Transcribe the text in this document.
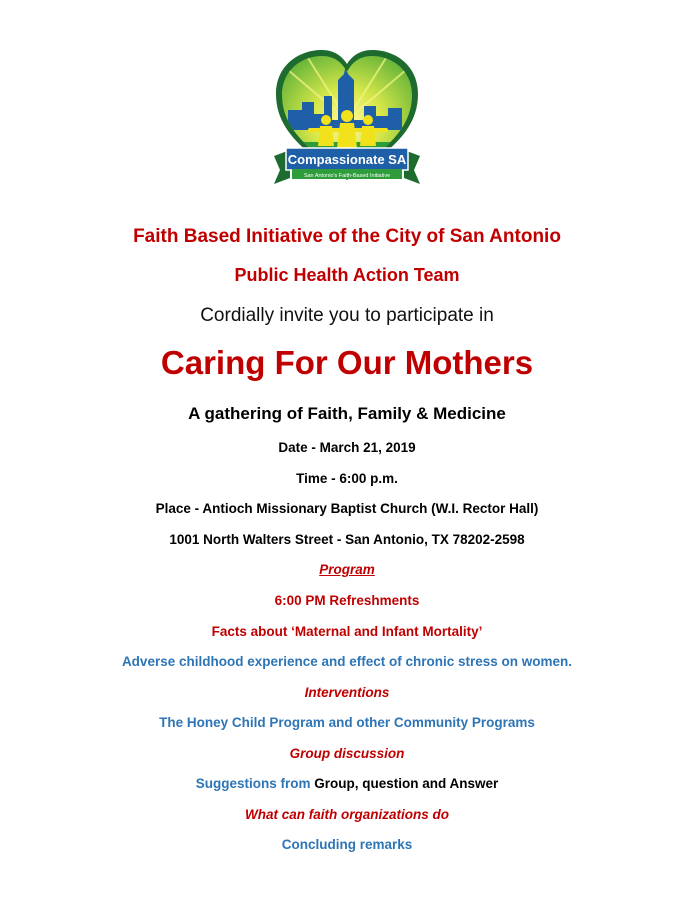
Compassionate SA
San Antonio's Faith-Based Initiative
Faith Based Initiative of the City of San Antonio
Public Health Action Team
Cordially invite you to participate in
Caring For Our Mothers
A gathering of Faith, Family & Medicine
Date - March 21, 2019
Time - 6:00 p.m.
Place - Antioch Missionary Baptist Church (W.I. Rector Hall)
1001 North Walters Street - San Antonio, TX 78202-2598
Program
6:00 PM Refreshments
Facts about ‘Maternal and Infant Mortality’
Adverse childhood experience and effect of chronic stress on women.
Interventions
The Honey Child Program and other Community Programs
Group discussion
Suggestions from Group, question and Answer
What can faith organizations do
Concluding remarks
